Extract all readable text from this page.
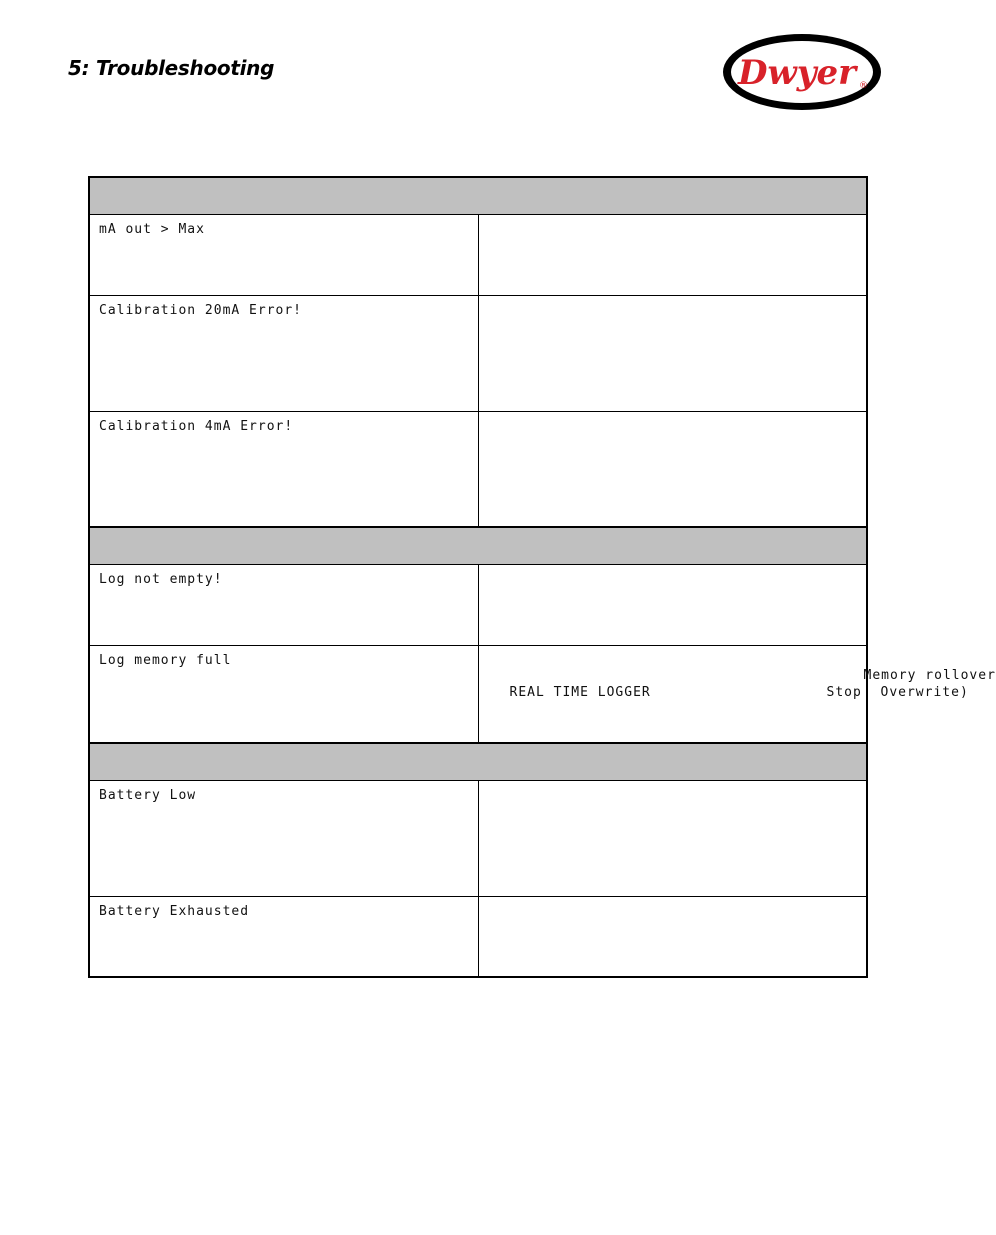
5: Troubleshooting	Dwyer ®

mA out > Max	
Calibration 20mA Error!	
Calibration 4mA Error!	

Log not empty!	
Log memory full	Memory rollover
REAL TIME LOGGER Stop Overwrite)

Battery Low	
Battery Exhausted	
